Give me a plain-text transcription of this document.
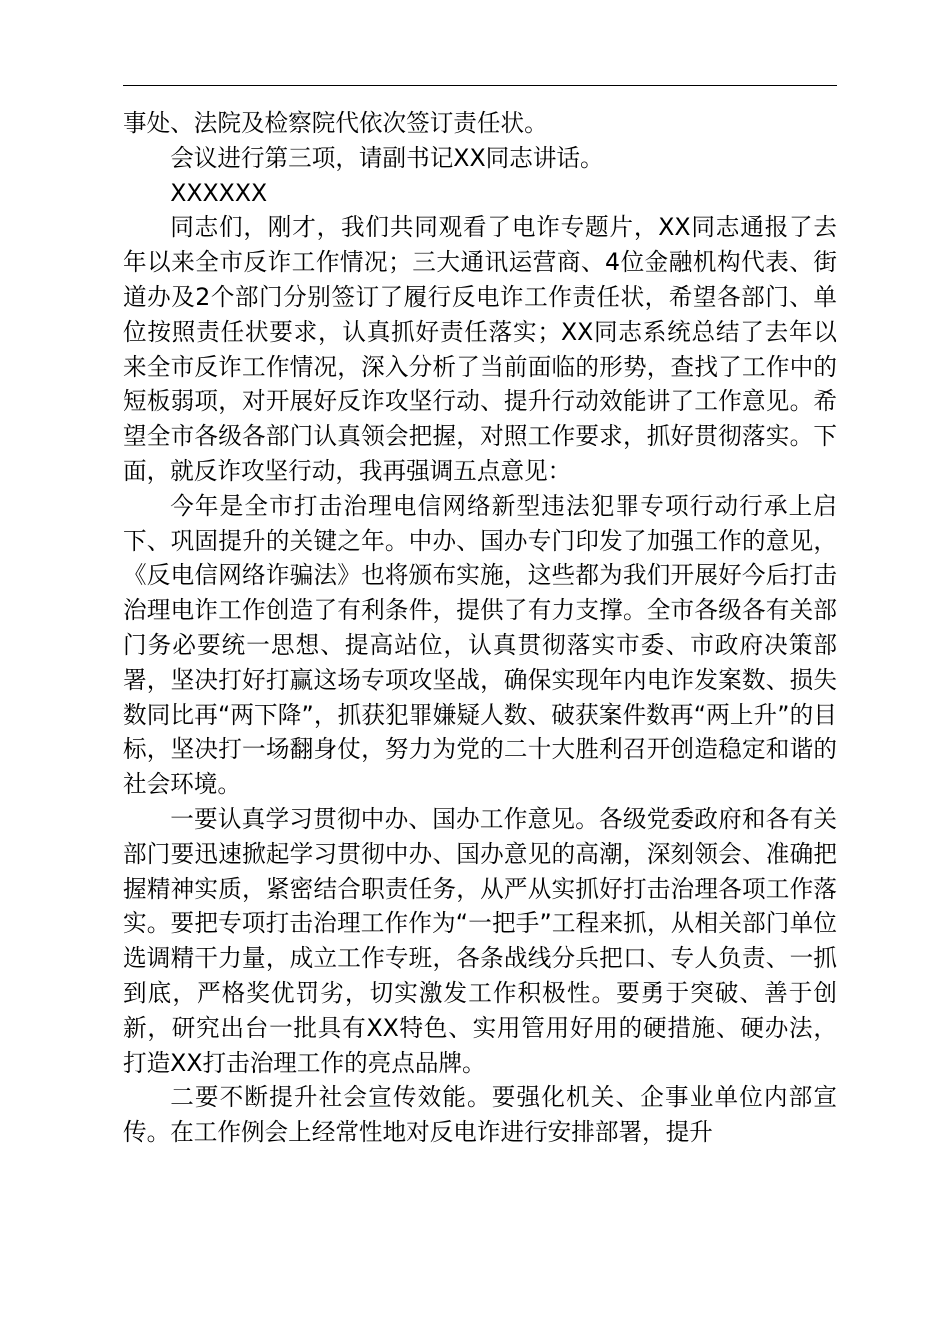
事处、法院及检察院代依次签订责任状。

会议进行第三项，请副书记XX同志讲话。

XXXXXX

同志们，刚才，我们共同观看了电诈专题片，XX同志通报了去年以来全市反诈工作情况；三大通讯运营商、4位金融机构代表、街道办及2个部门分别签订了履行反电诈工作责任状，希望各部门、单位按照责任状要求，认真抓好责任落实；XX同志系统总结了去年以来全市反诈工作情况，深入分析了当前面临的形势，查找了工作中的短板弱项，对开展好反诈攻坚行动、提升行动效能讲了工作意见。希望全市各级各部门认真领会把握，对照工作要求，抓好贯彻落实。下面，就反诈攻坚行动，我再强调五点意见：

今年是全市打击治理电信网络新型违法犯罪专项行动行承上启下、巩固提升的关键之年。中办、国办专门印发了加强工作的意见，《反电信网络诈骗法》也将颁布实施，这些都为我们开展好今后打击治理电诈工作创造了有利条件，提供了有力支撑。全市各级各有关部门务必要统一思想、提高站位，认真贯彻落实市委、市政府决策部署，坚决打好打赢这场专项攻坚战，确保实现年内电诈发案数、损失数同比再“两下降”，抓获犯罪嫌疑人数、破获案件数再“两上升”的目标，坚决打一场翻身仗，努力为党的二十大胜利召开创造稳定和谐的社会环境。

一要认真学习贯彻中办、国办工作意见。各级党委政府和各有关部门要迅速掀起学习贯彻中办、国办意见的高潮，深刻领会、准确把握精神实质，紧密结合职责任务，从严从实抓好打击治理各项工作落实。要把专项打击治理工作作为“一把手”工程来抓，从相关部门单位选调精干力量，成立工作专班，各条战线分兵把口、专人负责、一抓到底，严格奖优罚劣，切实激发工作积极性。要勇于突破、善于创新，研究出台一批具有XX特色、实用管用好用的硬措施、硬办法，打造XX打击治理工作的亮点品牌。

二要不断提升社会宣传效能。要强化机关、企事业单位内部宣传。在工作例会上经常性地对反电诈进行安排部署，提升
